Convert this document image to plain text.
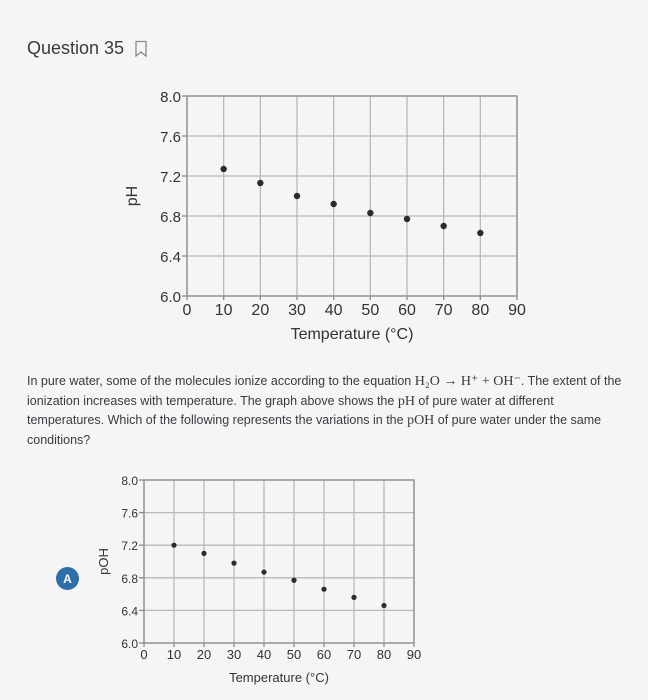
Question 35
0 10 20 30 40 50 60 70 80 90
6.0
6.4
6.8
7.2
7.6
8.0
Temperature (°C)
pH
In pure water, some of the molecules ionize according to the equation H₂O → H⁺ + OH⁻. The extent of the ionization increases with temperature. The graph above shows the pH of pure water at different temperatures. Which of the following represents the variations in the pOH of pure water under the same conditions?
A
0 10 20 30 40 50 60 70 80 90
6.0
6.4
6.8
7.2
7.6
8.0
Temperature (°C)
pOH
